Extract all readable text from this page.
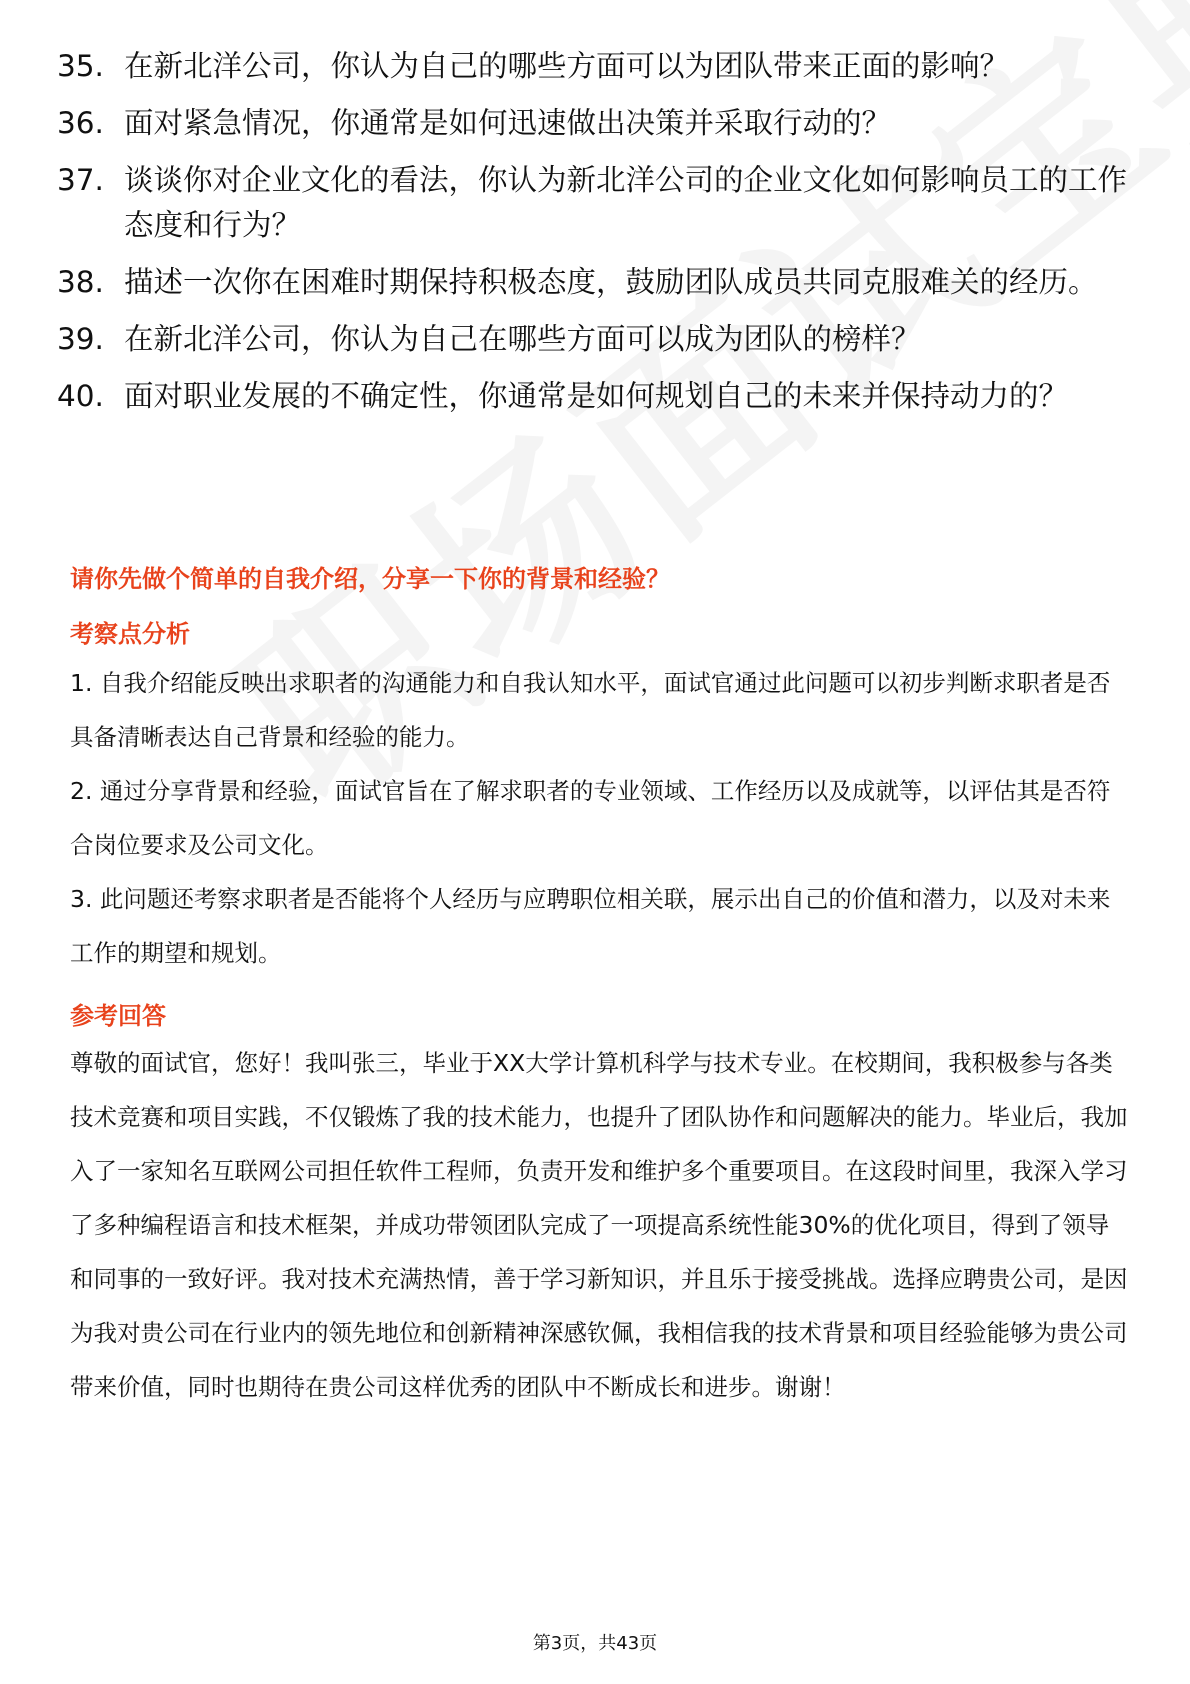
35. 在新北洋公司，你认为自己的哪些方面可以为团队带来正面的影响？
36. 面对紧急情况，你通常是如何迅速做出决策并采取行动的？
37. 谈谈你对企业文化的看法，你认为新北洋公司的企业文化如何影响员工的工作态度和行为？
38. 描述一次你在困难时期保持积极态度，鼓励团队成员共同克服难关的经历。
39. 在新北洋公司，你认为自己在哪些方面可以成为团队的榜样？
40. 面对职业发展的不确定性，你通常是如何规划自己的未来并保持动力的？
请你先做个简单的自我介绍，分享一下你的背景和经验？
考察点分析
1. 自我介绍能反映出求职者的沟通能力和自我认知水平，面试官通过此问题可以初步判断求职者是否具备清晰表达自己背景和经验的能力。
2. 通过分享背景和经验，面试官旨在了解求职者的专业领域、工作经历以及成就等，以评估其是否符合岗位要求及公司文化。
3. 此问题还考察求职者是否能将个人经历与应聘职位相关联，展示出自己的价值和潜力，以及对未来工作的期望和规划。
参考回答
尊敬的面试官，您好！我叫张三，毕业于XX大学计算机科学与技术专业。在校期间，我积极参与各类技术竞赛和项目实践，不仅锻炼了我的技术能力，也提升了团队协作和问题解决的能力。毕业后，我加入了一家知名互联网公司担任软件工程师，负责开发和维护多个重要项目。在这段时间里，我深入学习了多种编程语言和技术框架，并成功带领团队完成了一项提高系统性能30%的优化项目，得到了领导和同事的一致好评。我对技术充满热情，善于学习新知识，并且乐于接受挑战。选择应聘贵公司，是因为我对贵公司在行业内的领先地位和创新精神深感钦佩，我相信我的技术背景和项目经验能够为贵公司带来价值，同时也期待在贵公司这样优秀的团队中不断成长和进步。谢谢！
第3页，共43页
